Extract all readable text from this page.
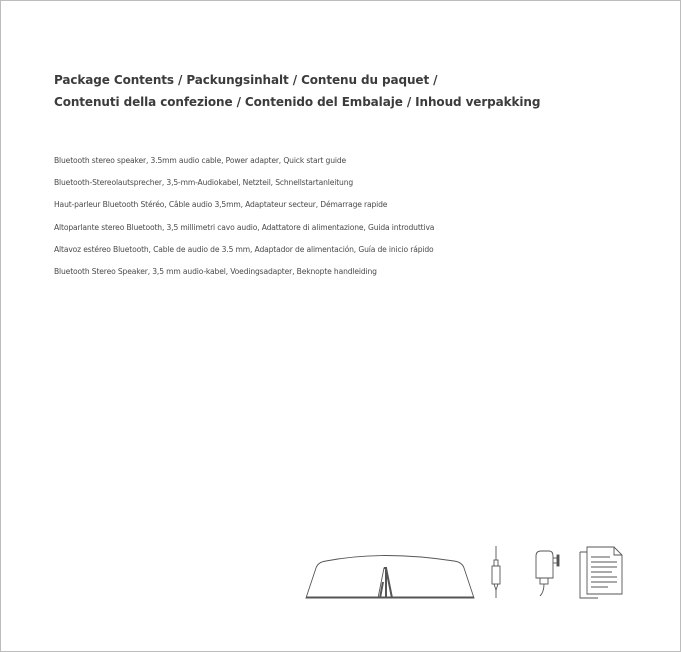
Package Contents / Packungsinhalt / Contenu du paquet /
Contenuti della confezione / Contenido del Embalaje / Inhoud verpakking
Bluetooth stereo speaker, 3.5mm audio cable, Power adapter, Quick start guide
Bluetooth-Stereolautsprecher, 3,5-mm-Audiokabel, Netzteil, Schnellstartanleitung
Haut-parleur Bluetooth Stéréo, Câble audio 3,5mm, Adaptateur secteur, Démarrage rapide
Altoparlante stereo Bluetooth, 3,5 millimetri cavo audio, Adattatore di alimentazione, Guida introduttiva
Altavoz estéreo Bluetooth, Cable de audio de 3.5 mm, Adaptador de alimentación, Guía de inicio rápido
Bluetooth Stereo Speaker, 3,5 mm audio-kabel, Voedingsadapter, Beknopte handleiding
